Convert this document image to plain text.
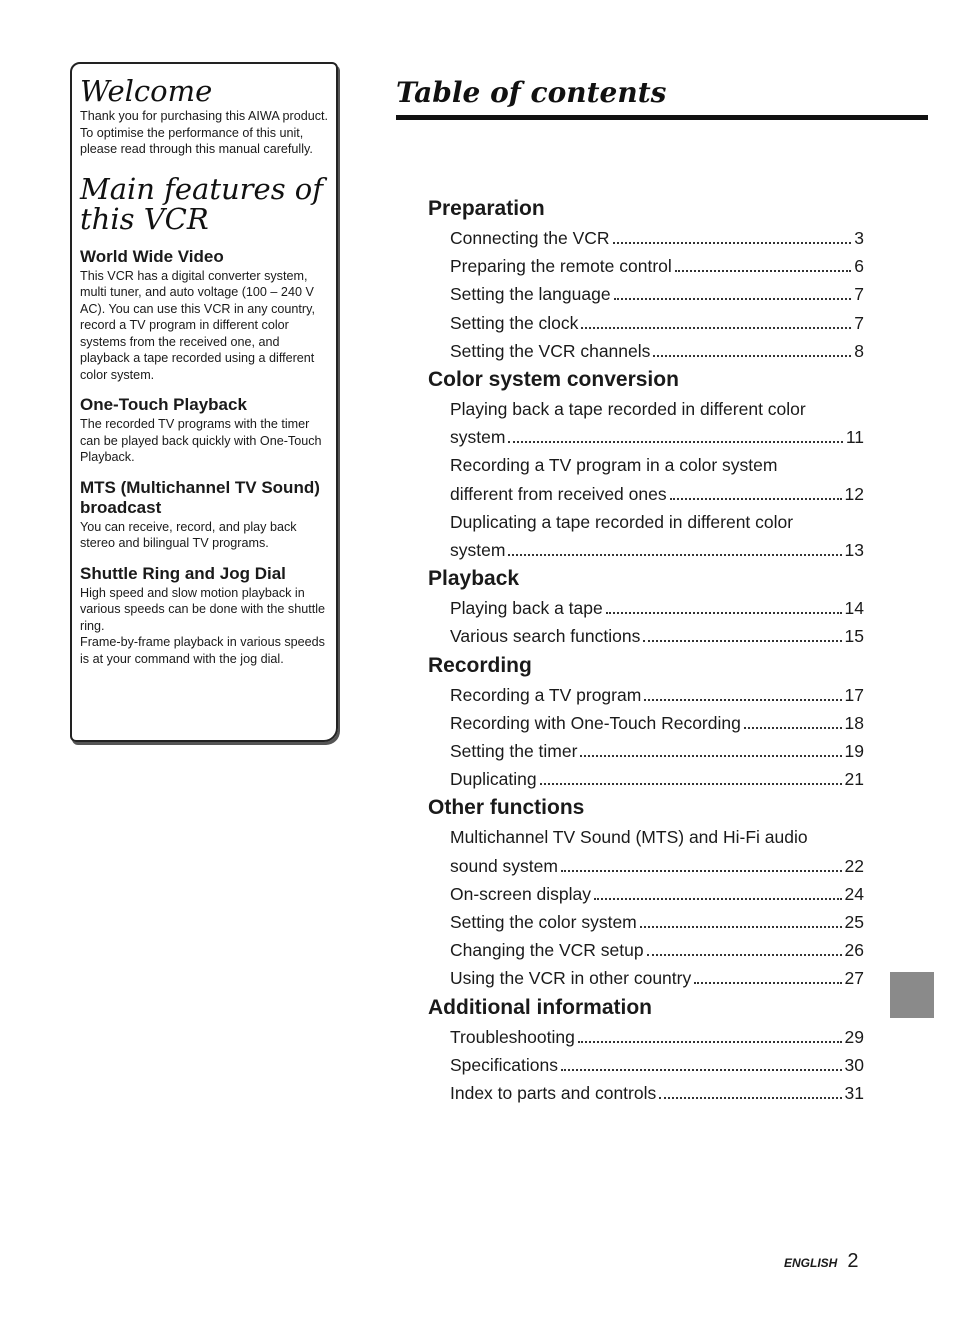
Welcome

Thank you for purchasing this AIWA product. To optimise the performance of this unit, please read through this manual carefully.

Main features of this VCR
World Wide Video

This VCR has a digital converter system, multi tuner, and auto voltage (100 – 240 V AC). You can use this VCR in any country, record a TV program in different color systems from the received one, and playback a tape recorded using a different color system.

One-Touch Playback

The recorded TV programs with the timer can be played back quickly with One-Touch Playback.

MTS (Multichannel TV Sound) broadcast

You can receive, record, and play back stereo and bilingual TV programs.

Shuttle Ring and Jog Dial

High speed and slow motion playback in various speeds can be done with the shuttle ring.

Frame-by-frame playback in various speeds is at your command with the jog dial.

Table of contents
Preparation
Connecting the VCR	3
Preparing the remote control	6
Setting the language	7
Setting the clock	7
Setting the VCR channels	8
Color system conversion
Playing back a tape recorded in different color
system	11
Recording a TV program in a color system
different from received ones	12
Duplicating a tape recorded in different color
system	13
Playback
Playing back a tape	14
Various search functions	15
Recording
Recording a TV program	17
Recording with One-Touch Recording	18
Setting the timer	19
Duplicating	21
Other functions
Multichannel TV Sound (MTS) and Hi-Fi audio
sound system	22
On-screen display	24
Setting the color system	25
Changing the VCR setup	26
Using the VCR in other country	27
Additional information
Troubleshooting	29
Specifications	30
Index to parts and controls	31
ENGLISH 2
